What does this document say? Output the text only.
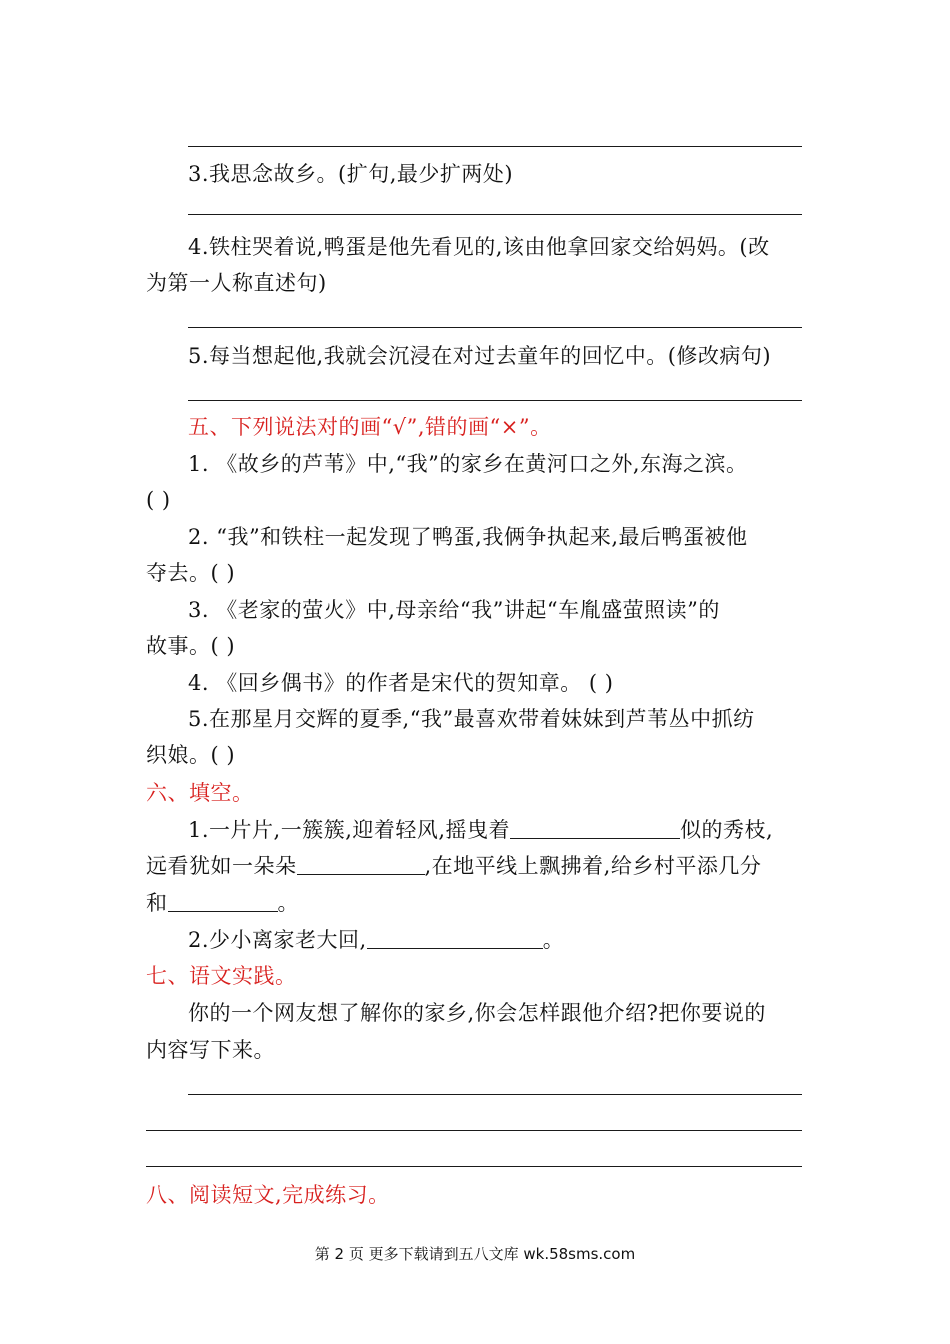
3.我思念故乡。(扩句,最少扩两处)
4.铁柱哭着说,鸭蛋是他先看见的,该由他拿回家交给妈妈。(改
为第一人称直述句)
5.每当想起他,我就会沉浸在对过去童年的回忆中。(修改病句)
五、下列说法对的画“√”,错的画“×”。
1. 《故乡的芦苇》中,“我”的家乡在黄河口之外,东海之滨。
( )
2. “我”和铁柱一起发现了鸭蛋,我俩争执起来,最后鸭蛋被他
夺去。( )
3. 《老家的萤火》中,母亲给“我”讲起“车胤盛萤照读”的
故事。( )
4. 《回乡偶书》的作者是宋代的贺知章。 ( )
5.在那星月交辉的夏季,“我”最喜欢带着妹妹到芦苇丛中抓纺
织娘。( )
六、填空。
1.一片片,一簇簇,迎着轻风,摇曳着	似的秀枝,
远看犹如一朵朵	,在地平线上飘拂着,给乡村平添几分
和	。
2.少小离家老大回,	。
七、语文实践。
你的一个网友想了解你的家乡,你会怎样跟他介绍?把你要说的
内容写下来。
八、阅读短文,完成练习。
第 2 页 更多下载请到五八文库 wk.58sms.com
